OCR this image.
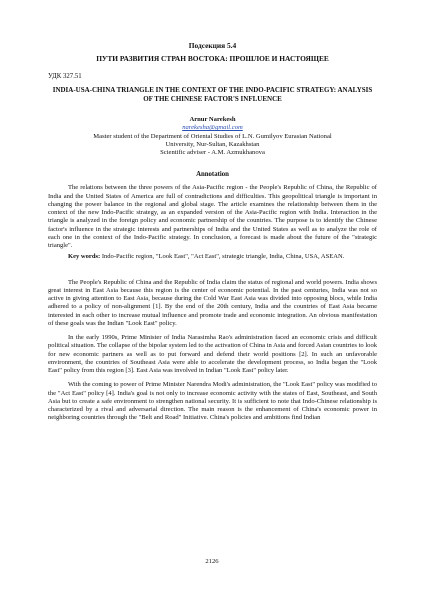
Подсекция 5.4

ПУТИ РАЗВИТИЯ СТРАН ВОСТОКА: ПРОШЛОЕ И НАСТОЯЩЕЕ

УДК 327.51

INDIA-USA-CHINA TRIANGLE IN THE CONTEXT OF THE INDO-PACIFIC STRATEGY: ANALYSIS OF THE CHINESE FACTOR'S INFLUENCE

Arnur Narekesh
narekesha@gmail.com
Master student of the Department of Oriental Studies of L.N. Gumilyov Eurasian National
University, Nur-Sultan, Kazakhstan
Scientific adviser - A.M. Azmukhanova

Annotation

The relations between the three powers of the Asia-Pacific region - the People's Republic of China, the Republic of India and the United States of America are full of contradictions and difficulties. This geopolitical triangle is important in changing the power balance in the regional and global stage. The article examines the relationship between them in the context of the new Indo-Pacific strategy, as an expanded version of the Asia-Pacific region with India. Interaction in the triangle is analyzed in the foreign policy and economic partnership of the countries. The purpose is to identify the Chinese factor's influence in the strategic interests and partnerships of India and the United States as well as to analyze the role of each one in the context of the Indo-Pacific strategy. In conclusion, a forecast is made about the future of the "strategic triangle".

Key words: Indo-Pacific region, "Look East", "Act East", strategic triangle, India, China, USA, ASEAN.

The People's Republic of China and the Republic of India claim the status of regional and world powers. India shows great interest in East Asia because this region is the center of economic potential. In the past centuries, India was not so active in giving attention to East Asia, because during the Cold War East Asia was divided into opposing blocs, while India adhered to a policy of non-alignment [1]. By the end of the 20th century, India and the countries of East Asia became interested in each other to increase mutual influence and promote trade and economic integration. An obvious manifestation of these goals was the Indian "Look East" policy.

In the early 1990s, Prime Minister of India Narasimha Rao's administration faced an economic crisis and difficult political situation. The collapse of the bipolar system led to the activation of China in Asia and forced Asian countries to look for new economic partners as well as to put forward and defend their world positions [2]. In such an unfavorable environment, the countries of Southeast Asia were able to accelerate the development process, so India began the "Look East" policy from this region [3]. East Asia was involved in Indian "Look East" policy later.

With the coming to power of Prime Minister Narendra Modi's administration, the "Look East" policy was modified to the "Act East" policy [4]. India's goal is not only to increase economic activity with the states of East, Southeast, and South Asia but to create a safe environment to strengthen national security. It is sufficient to note that Indo-Chinese relationship is characterized by a rival and adversarial direction. The main reason is the enhancement of China's economic power in neighboring countries through the "Belt and Road" Initiative. China's policies and ambitions find Indian

2126
